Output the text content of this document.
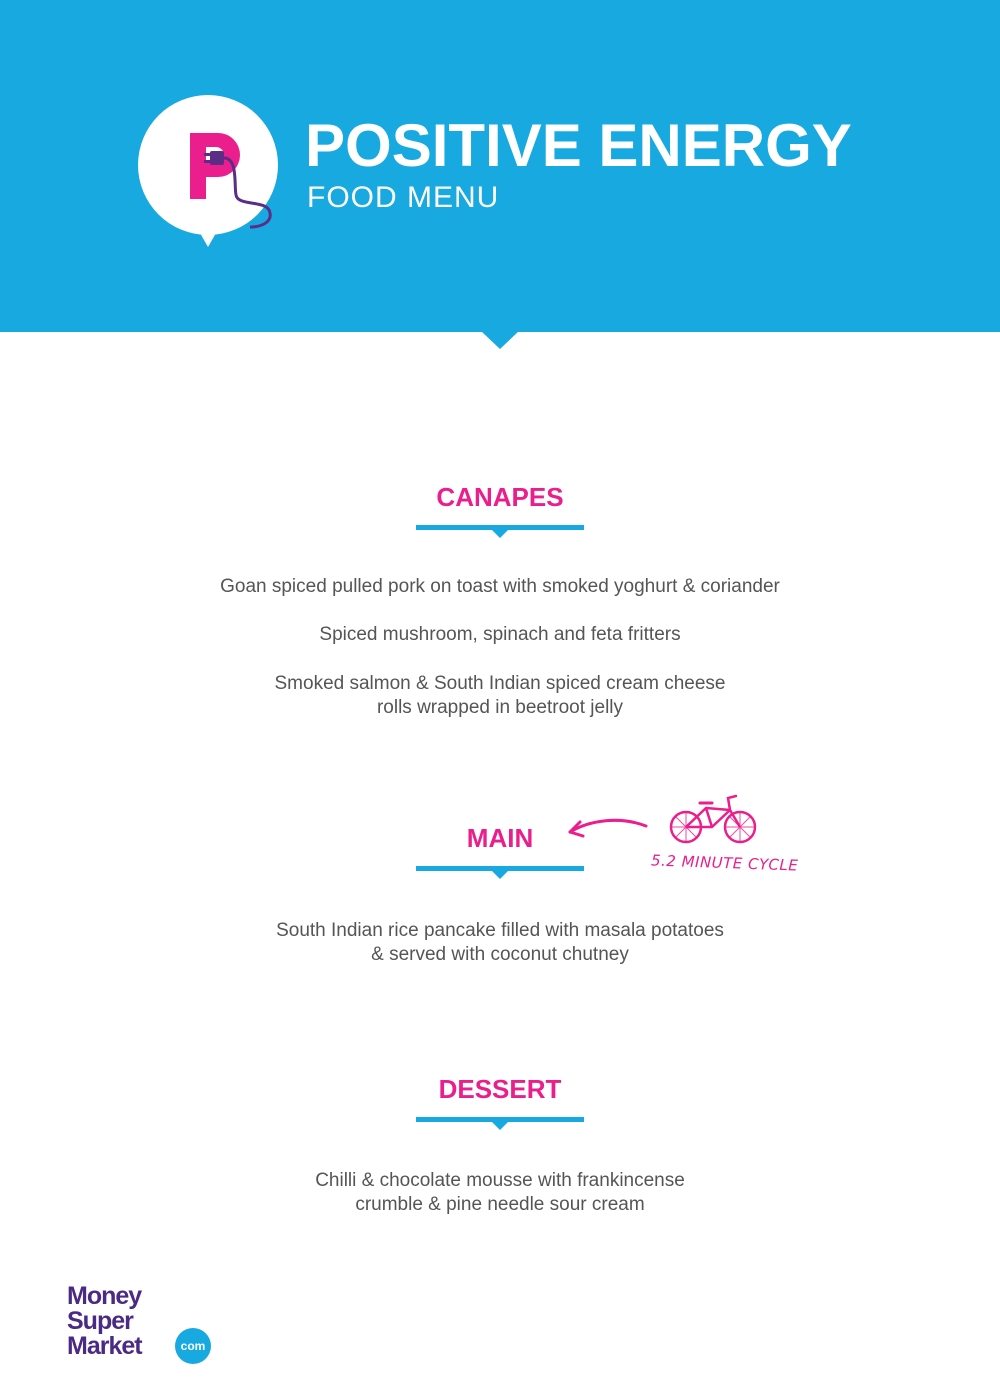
POSITIVE ENERGY

FOOD MENU

CANAPES

Goan spiced pulled pork on toast with smoked yoghurt & coriander

Spiced mushroom, spinach and feta fritters

Smoked salmon & South Indian spiced cream cheese

rolls wrapped in beetroot jelly

MAIN

5.2 MINUTE CYCLE

South Indian rice pancake filled with masala potatoes

& served with coconut chutney

DESSERT

Chilli & chocolate mousse with frankincense

crumble & pine needle sour cream

Money

Super

Market	com
